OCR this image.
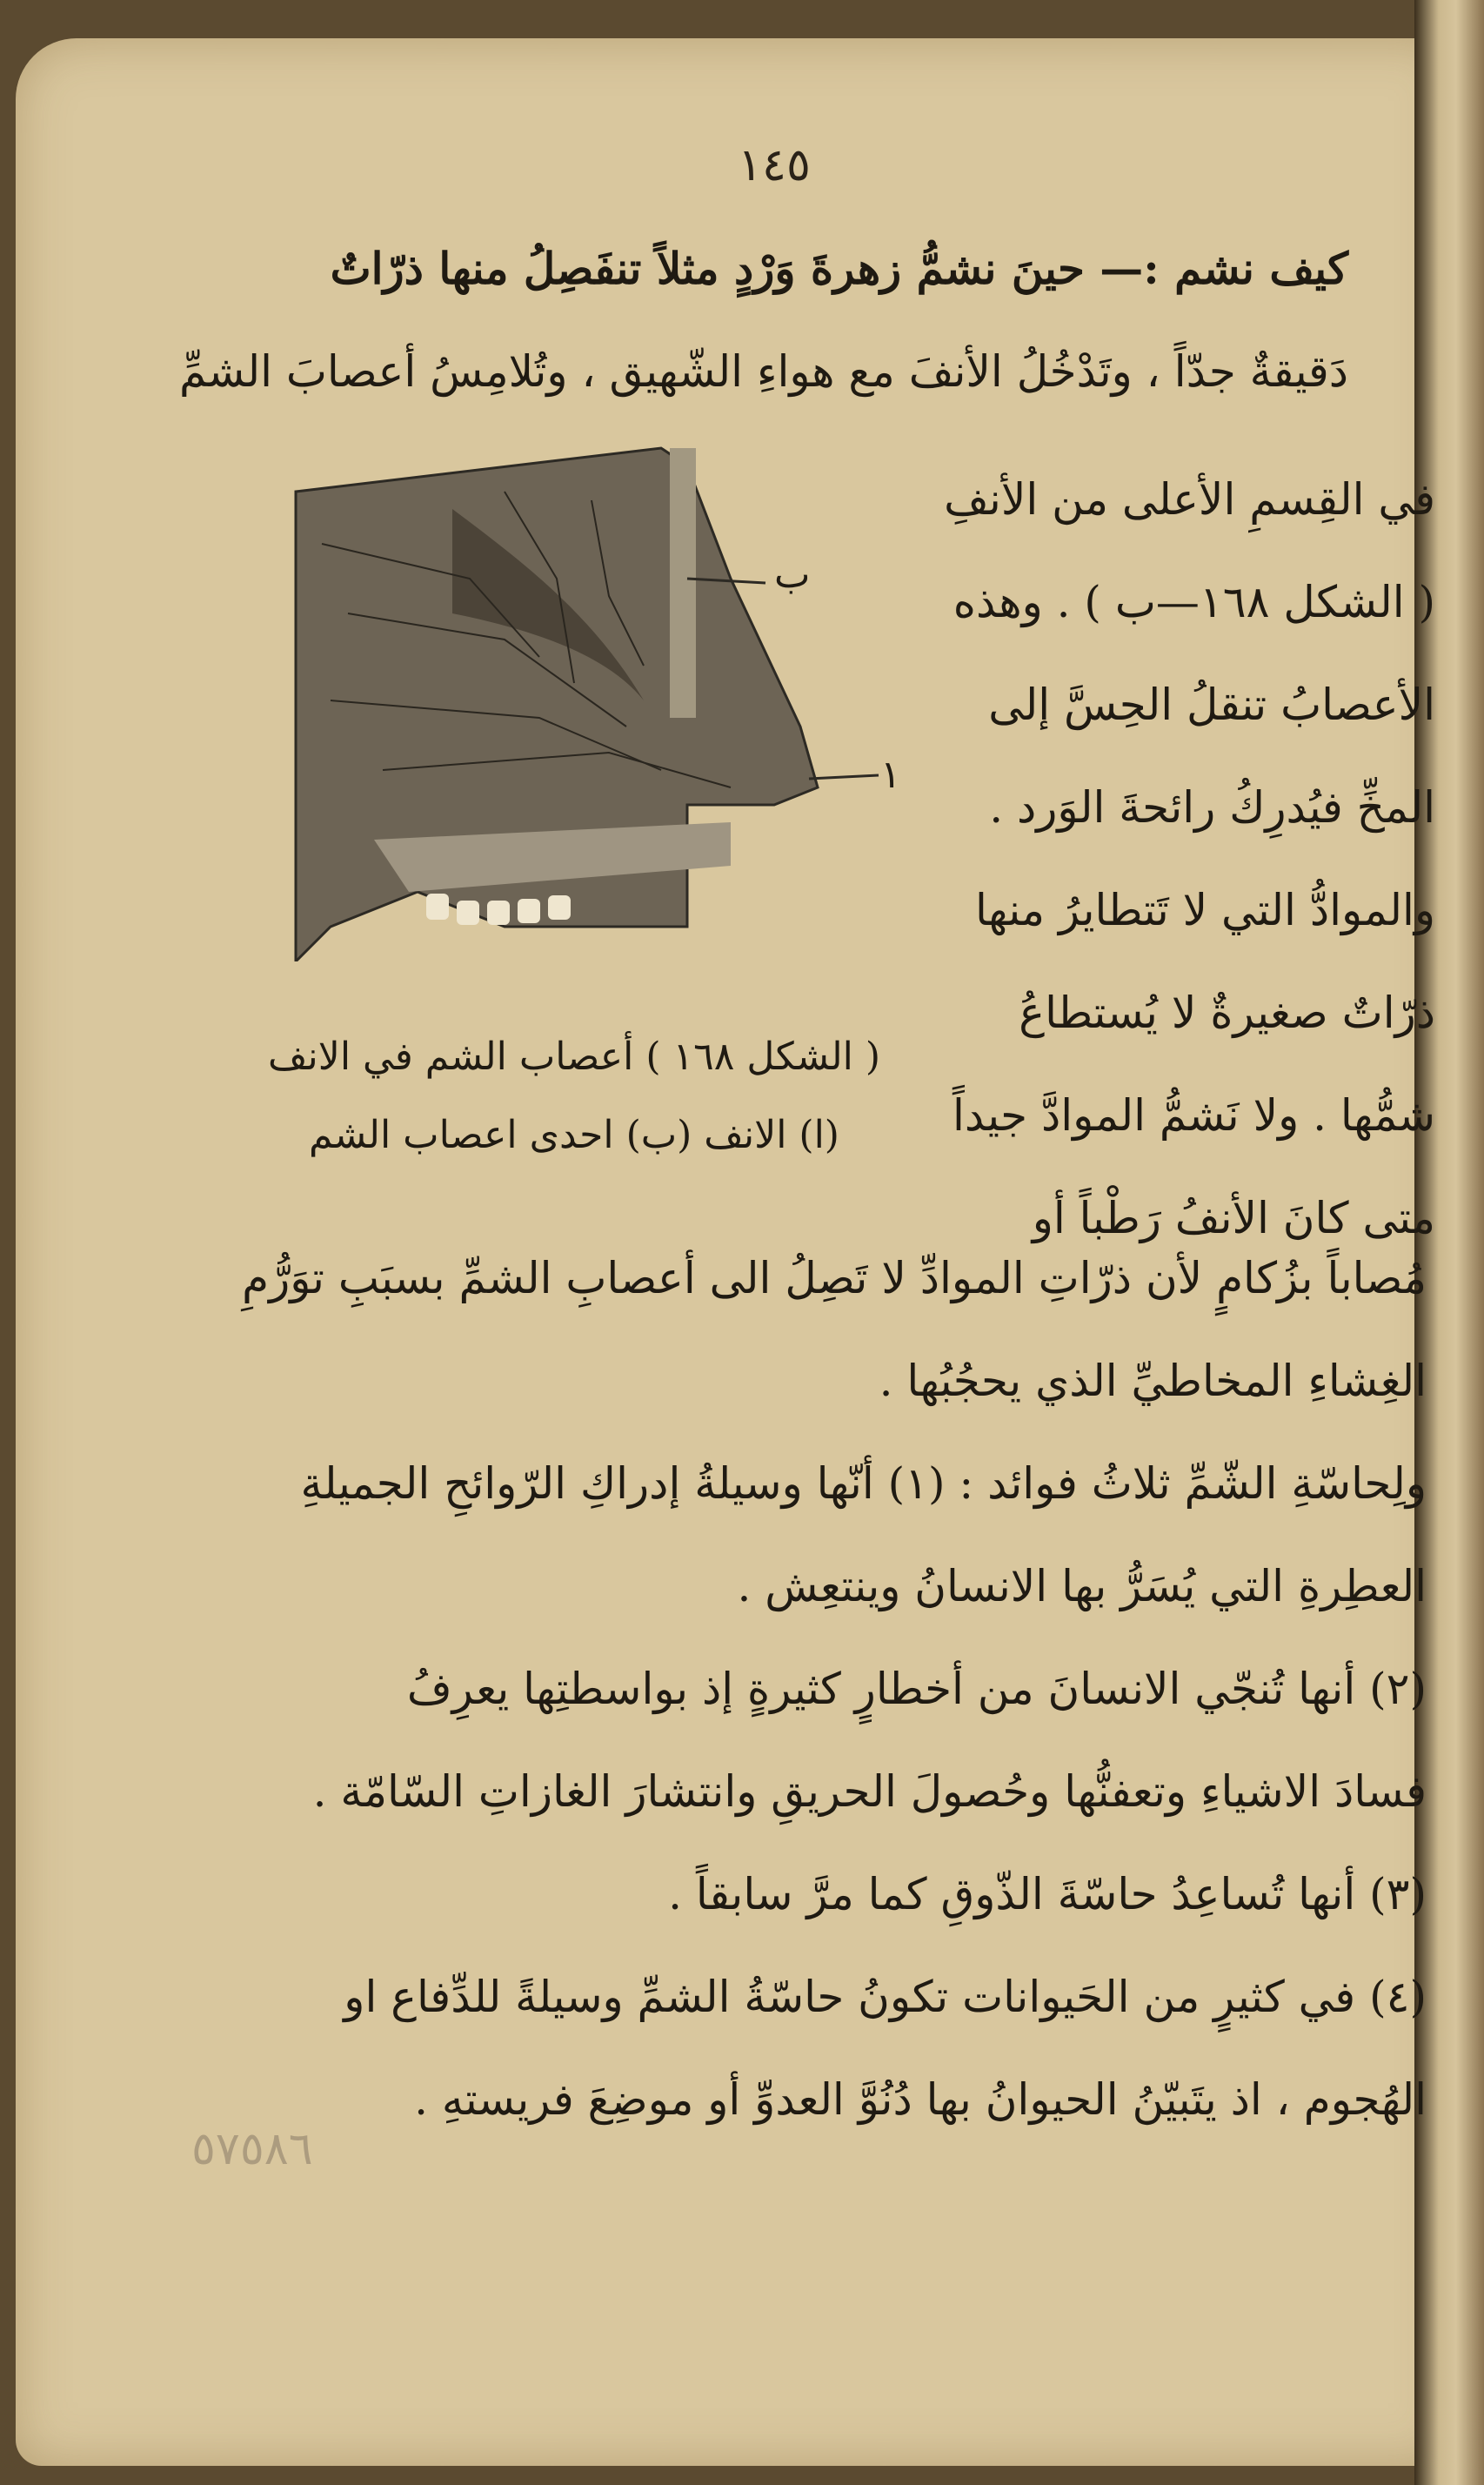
١٤٥
كيف نشم :— حينَ نشمُّ زهرةَ وَرْدٍ مثلاً تنفَصِلُ منها ذرّاتٌ
دَقيقةٌ جدّاً ، وتَدْخُلُ الأنفَ مع هواءِ الشّهيق ، وتُلامِسُ أعصابَ الشمِّ
في القِسمِ الأعلى من الأنفِ
( الشكل ١٦٨—ب ) . وهذه
الأعصابُ تنقلُ الحِسَّ إلى
المخِّ فيُدرِكُ رائحةَ الوَرد .
والموادُّ التي لا تَتطايرُ منها
ذرّاتٌ صغيرةٌ لا يُستطاعُ
شمُّها . ولا نَشمُّ الموادَّ جيداً
متى كانَ الأنفُ رَطْباً أو
ب
١
( الشكل ١٦٨ ) أعصاب الشم في الانف
(ا) الانف (ب) احدى اعصاب الشم
مُصاباً بزُكامٍ لأن ذرّاتِ الموادِّ لا تَصِلُ الى أعصابِ الشمِّ بسبَبِ توَرُّمِ
الغِشاءِ المخاطيِّ الذي يحجُبُها .
ولِحاسّةِ الشّمِّ ثلاثُ فوائد : (١) أنّها وسيلةُ إدراكِ الرّوائحِ الجميلةِ
العطِرةِ التي يُسَرُّ بها الانسانُ وينتعِش .
(٢) أنها تُنجّي الانسانَ من أخطارٍ كثيرةٍ إذ بواسطتِها يعرِفُ
فسادَ الاشياءِ وتعفنُّها وحُصولَ الحريقِ وانتشارَ الغازاتِ السّامّة .
(٣) أنها تُساعِدُ حاسّةَ الذّوقِ كما مرَّ سابقاً .
(٤) في كثيرٍ من الحَيوانات تكونُ حاسّةُ الشمِّ وسيلةً للدِّفاع او
الهُجوم ، اذ يتَبيّنُ الحيوانُ بها دُنُوَّ العدوِّ أو موضِعَ فريستهِ .
٥٧٥٨٦
